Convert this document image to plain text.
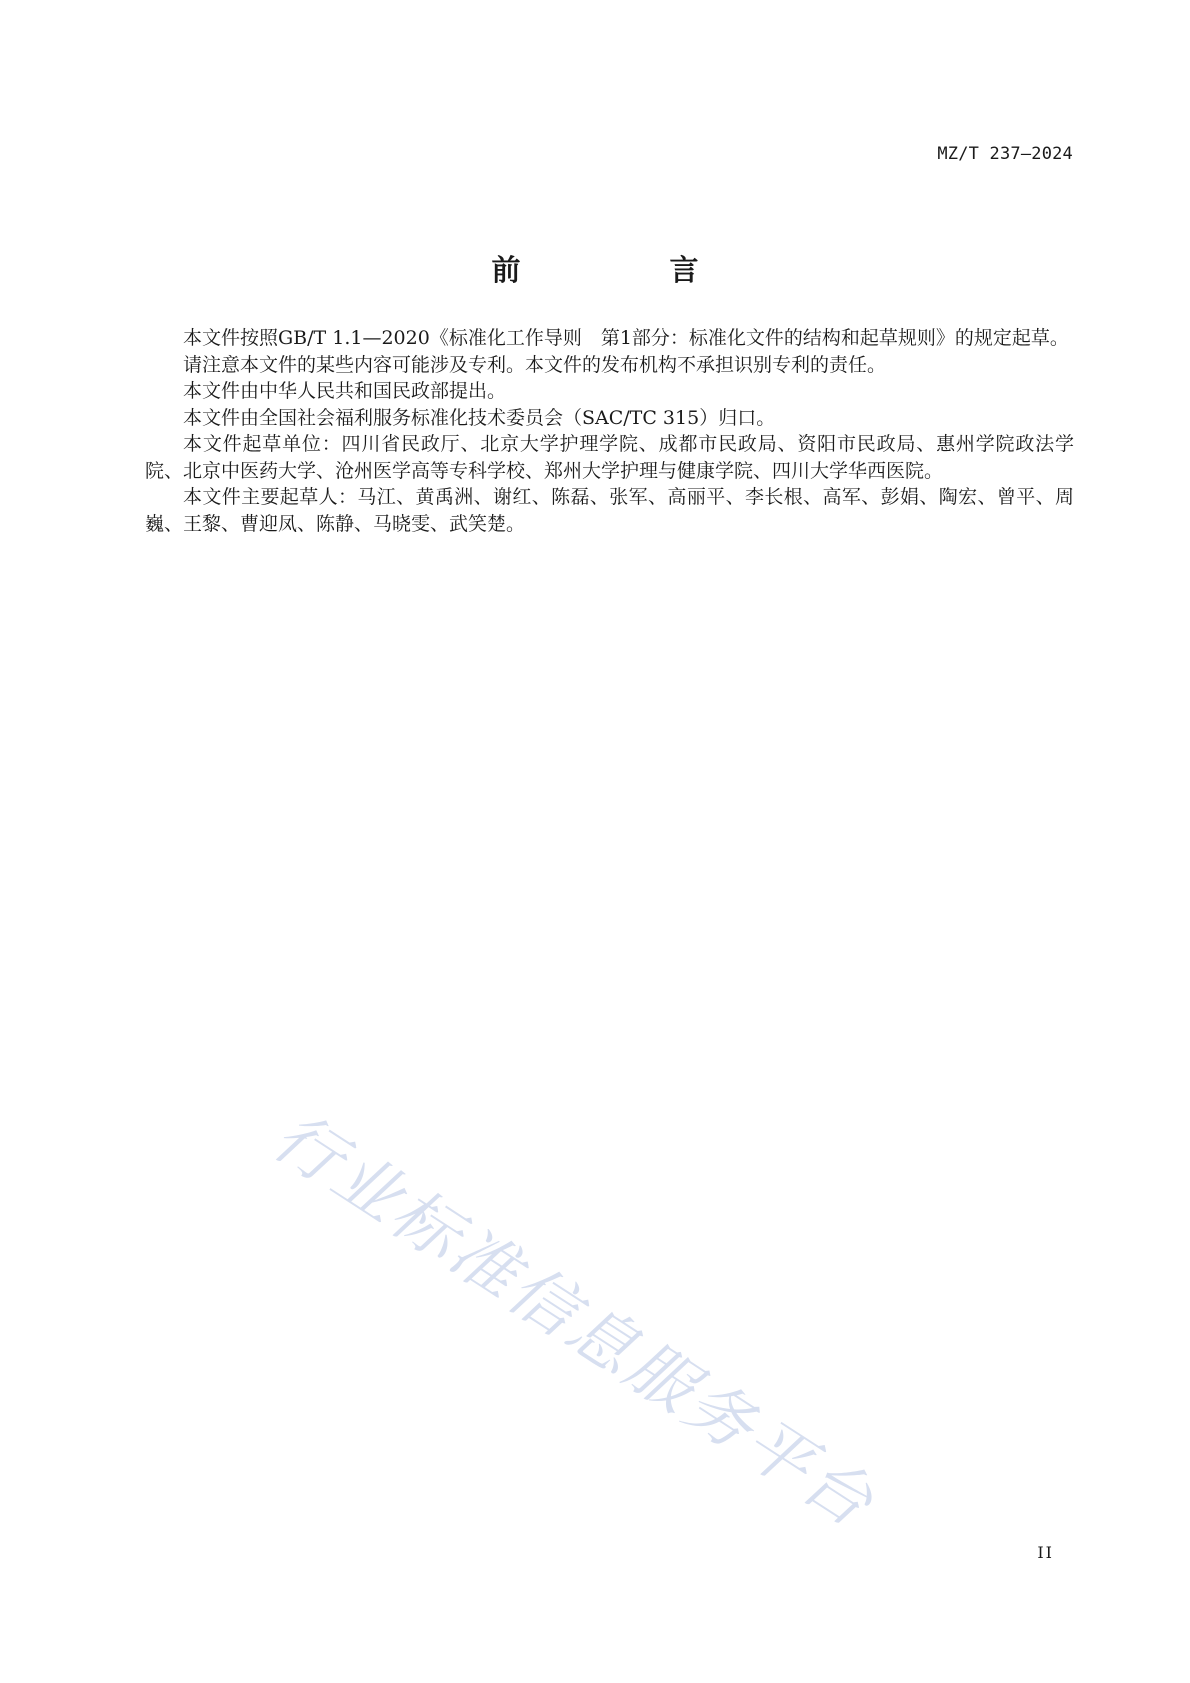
MZ/T 237—2024
前　言

本文件按照GB/T 1.1—2020《标准化工作导则　第1部分：标准化文件的结构和起草规则》的规定起草。

请注意本文件的某些内容可能涉及专利。本文件的发布机构不承担识别专利的责任。

本文件由中华人民共和国民政部提出。

本文件由全国社会福利服务标准化技术委员会（SAC/TC 315）归口。

本文件起草单位：四川省民政厅、北京大学护理学院、成都市民政局、资阳市民政局、惠州学院政法学院、北京中医药大学、沧州医学高等专科学校、郑州大学护理与健康学院、四川大学华西医院。

本文件主要起草人：马江、黄禹洲、谢红、陈磊、张军、高丽平、李长根、高军、彭娟、陶宏、曾平、周巍、王黎、曹迎凤、陈静、马晓雯、武笑楚。

行业标准信息服务平台
II
